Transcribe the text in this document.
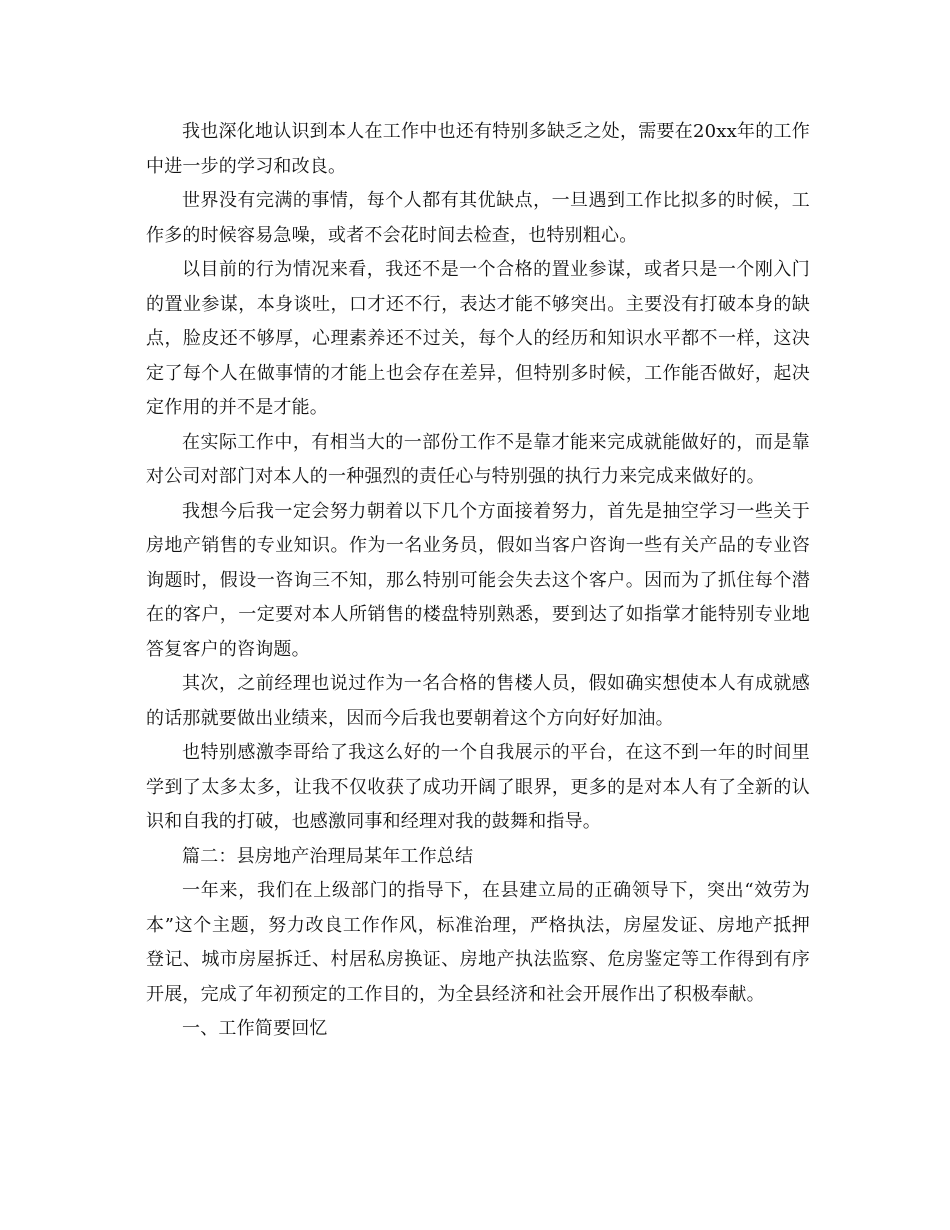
我也深化地认识到本人在工作中也还有特别多缺乏之处，需要在20xx年的工作中进一步的学习和改良。

世界没有完满的事情，每个人都有其优缺点，一旦遇到工作比拟多的时候，工作多的时候容易急噪，或者不会花时间去检查，也特别粗心。

以目前的行为情况来看，我还不是一个合格的置业参谋，或者只是一个刚入门的置业参谋，本身谈吐，口才还不行，表达才能不够突出。主要没有打破本身的缺点，脸皮还不够厚，心理素养还不过关，每个人的经历和知识水平都不一样，这决定了每个人在做事情的才能上也会存在差异，但特别多时候，工作能否做好，起决定作用的并不是才能。

在实际工作中，有相当大的一部份工作不是靠才能来完成就能做好的，而是靠对公司对部门对本人的一种强烈的责任心与特别强的执行力来完成来做好的。

我想今后我一定会努力朝着以下几个方面接着努力，首先是抽空学习一些关于房地产销售的专业知识。作为一名业务员，假如当客户咨询一些有关产品的专业咨询题时，假设一咨询三不知，那么特别可能会失去这个客户。因而为了抓住每个潜在的客户，一定要对本人所销售的楼盘特别熟悉，要到达了如指掌才能特别专业地答复客户的咨询题。

其次，之前经理也说过作为一名合格的售楼人员，假如确实想使本人有成就感的话那就要做出业绩来，因而今后我也要朝着这个方向好好加油。

也特别感激李哥给了我这么好的一个自我展示的平台，在这不到一年的时间里学到了太多太多，让我不仅收获了成功开阔了眼界，更多的是对本人有了全新的认识和自我的打破，也感激同事和经理对我的鼓舞和指导。

篇二：县房地产治理局某年工作总结

一年来，我们在上级部门的指导下，在县建立局的正确领导下，突出“效劳为本”这个主题，努力改良工作作风，标准治理，严格执法，房屋发证、房地产抵押登记、城市房屋拆迁、村居私房换证、房地产执法监察、危房鉴定等工作得到有序开展，完成了年初预定的工作目的，为全县经济和社会开展作出了积极奉献。

一、工作简要回忆
